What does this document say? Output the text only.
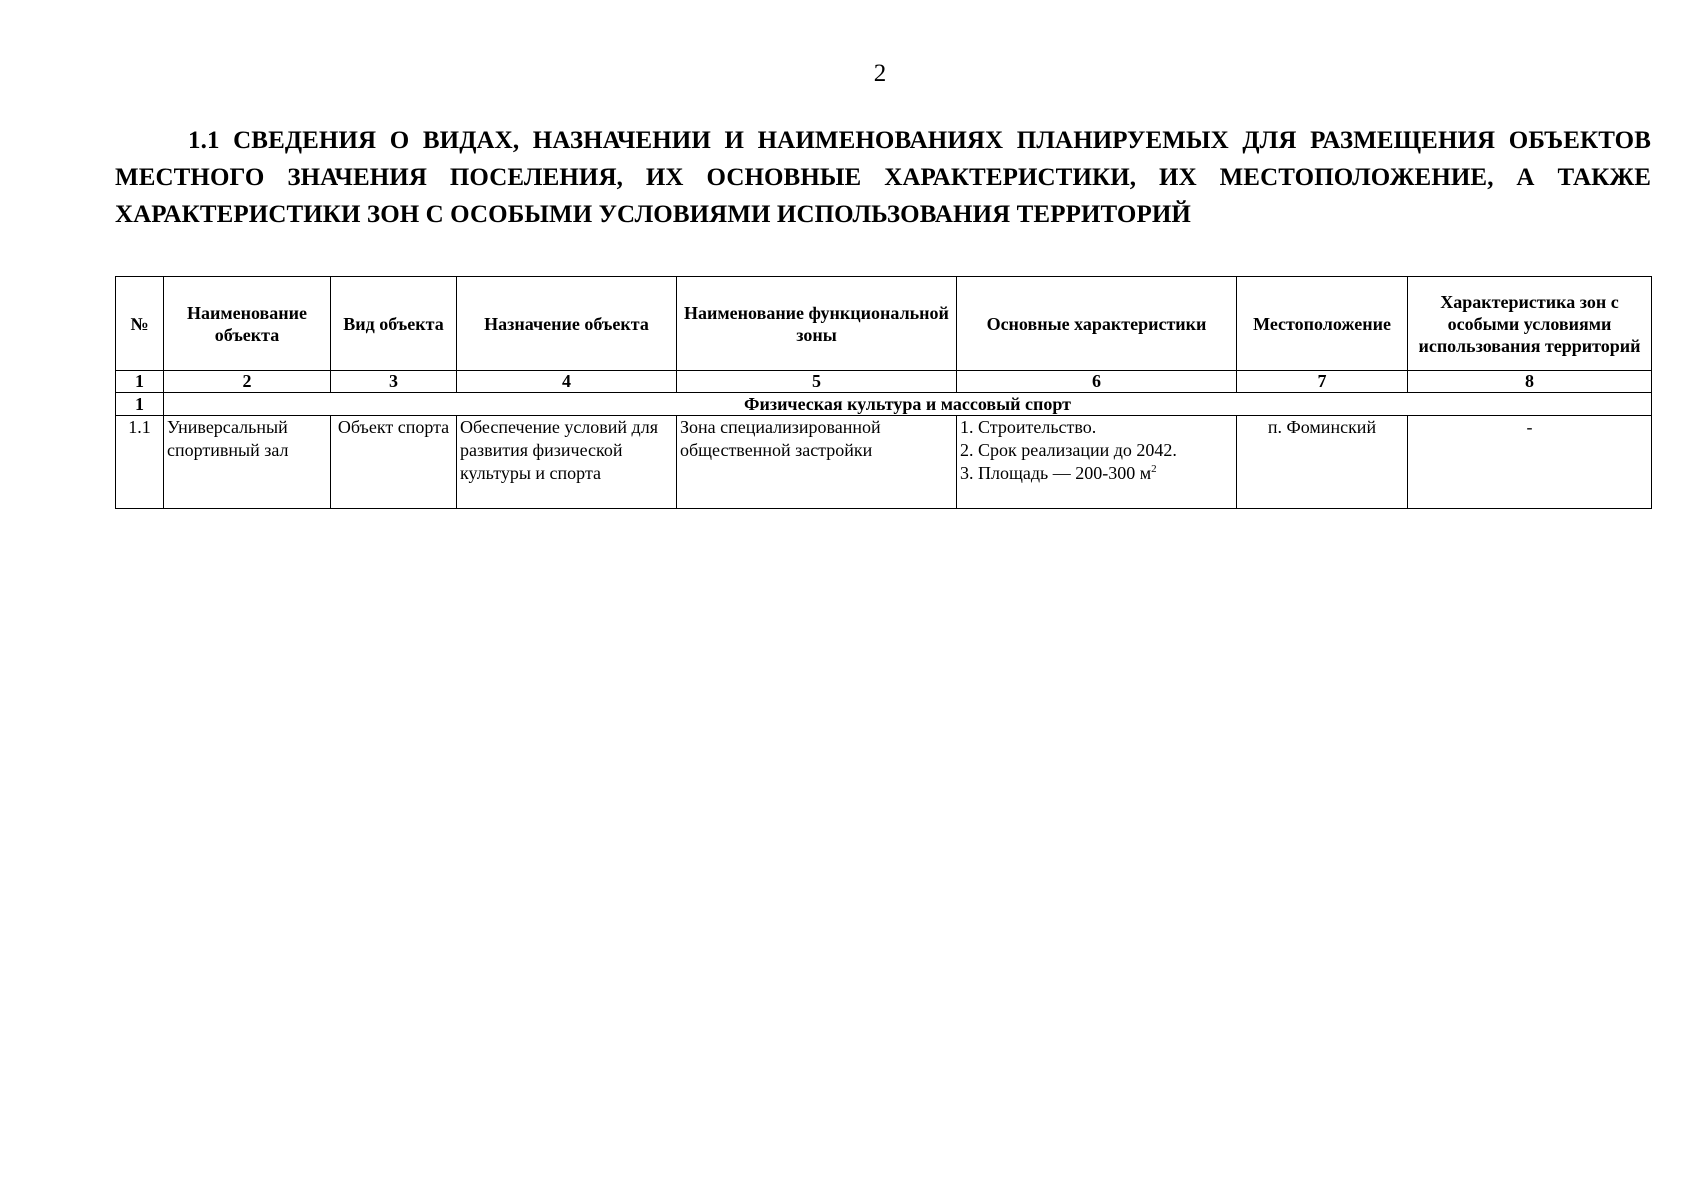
2
1.1 СВЕДЕНИЯ О ВИДАХ, НАЗНАЧЕНИИ И НАИМЕНОВАНИЯХ ПЛАНИРУЕМЫХ ДЛЯ РАЗМЕЩЕНИЯ ОБЪЕКТОВ МЕСТНОГО ЗНАЧЕНИЯ ПОСЕЛЕНИЯ, ИХ ОСНОВНЫЕ ХАРАКТЕРИСТИКИ, ИХ МЕСТОПОЛОЖЕНИЕ, А ТАКЖЕ ХАРАКТЕРИСТИКИ ЗОН С ОСОБЫМИ УСЛОВИЯМИ ИСПОЛЬЗОВАНИЯ ТЕРРИТОРИЙ
№	Наименование объекта	Вид объекта	Назначение объекта	Наименование функциональной зоны	Основные характеристики	Местоположение	Характеристика зон с особыми условиями использования территорий
1	2	3	4	5	6	7	8
1	Физическая культура и массовый спорт						
1.1	Универсальный спортивный зал	Объект спорта	Обеспечение условий для развития физической культуры и спорта	Зона специализированной общественной застройки	1. Строительство.
2. Срок реализации до 2042.
3. Площадь — 200-300 $м^2$	п. Фоминский	-
